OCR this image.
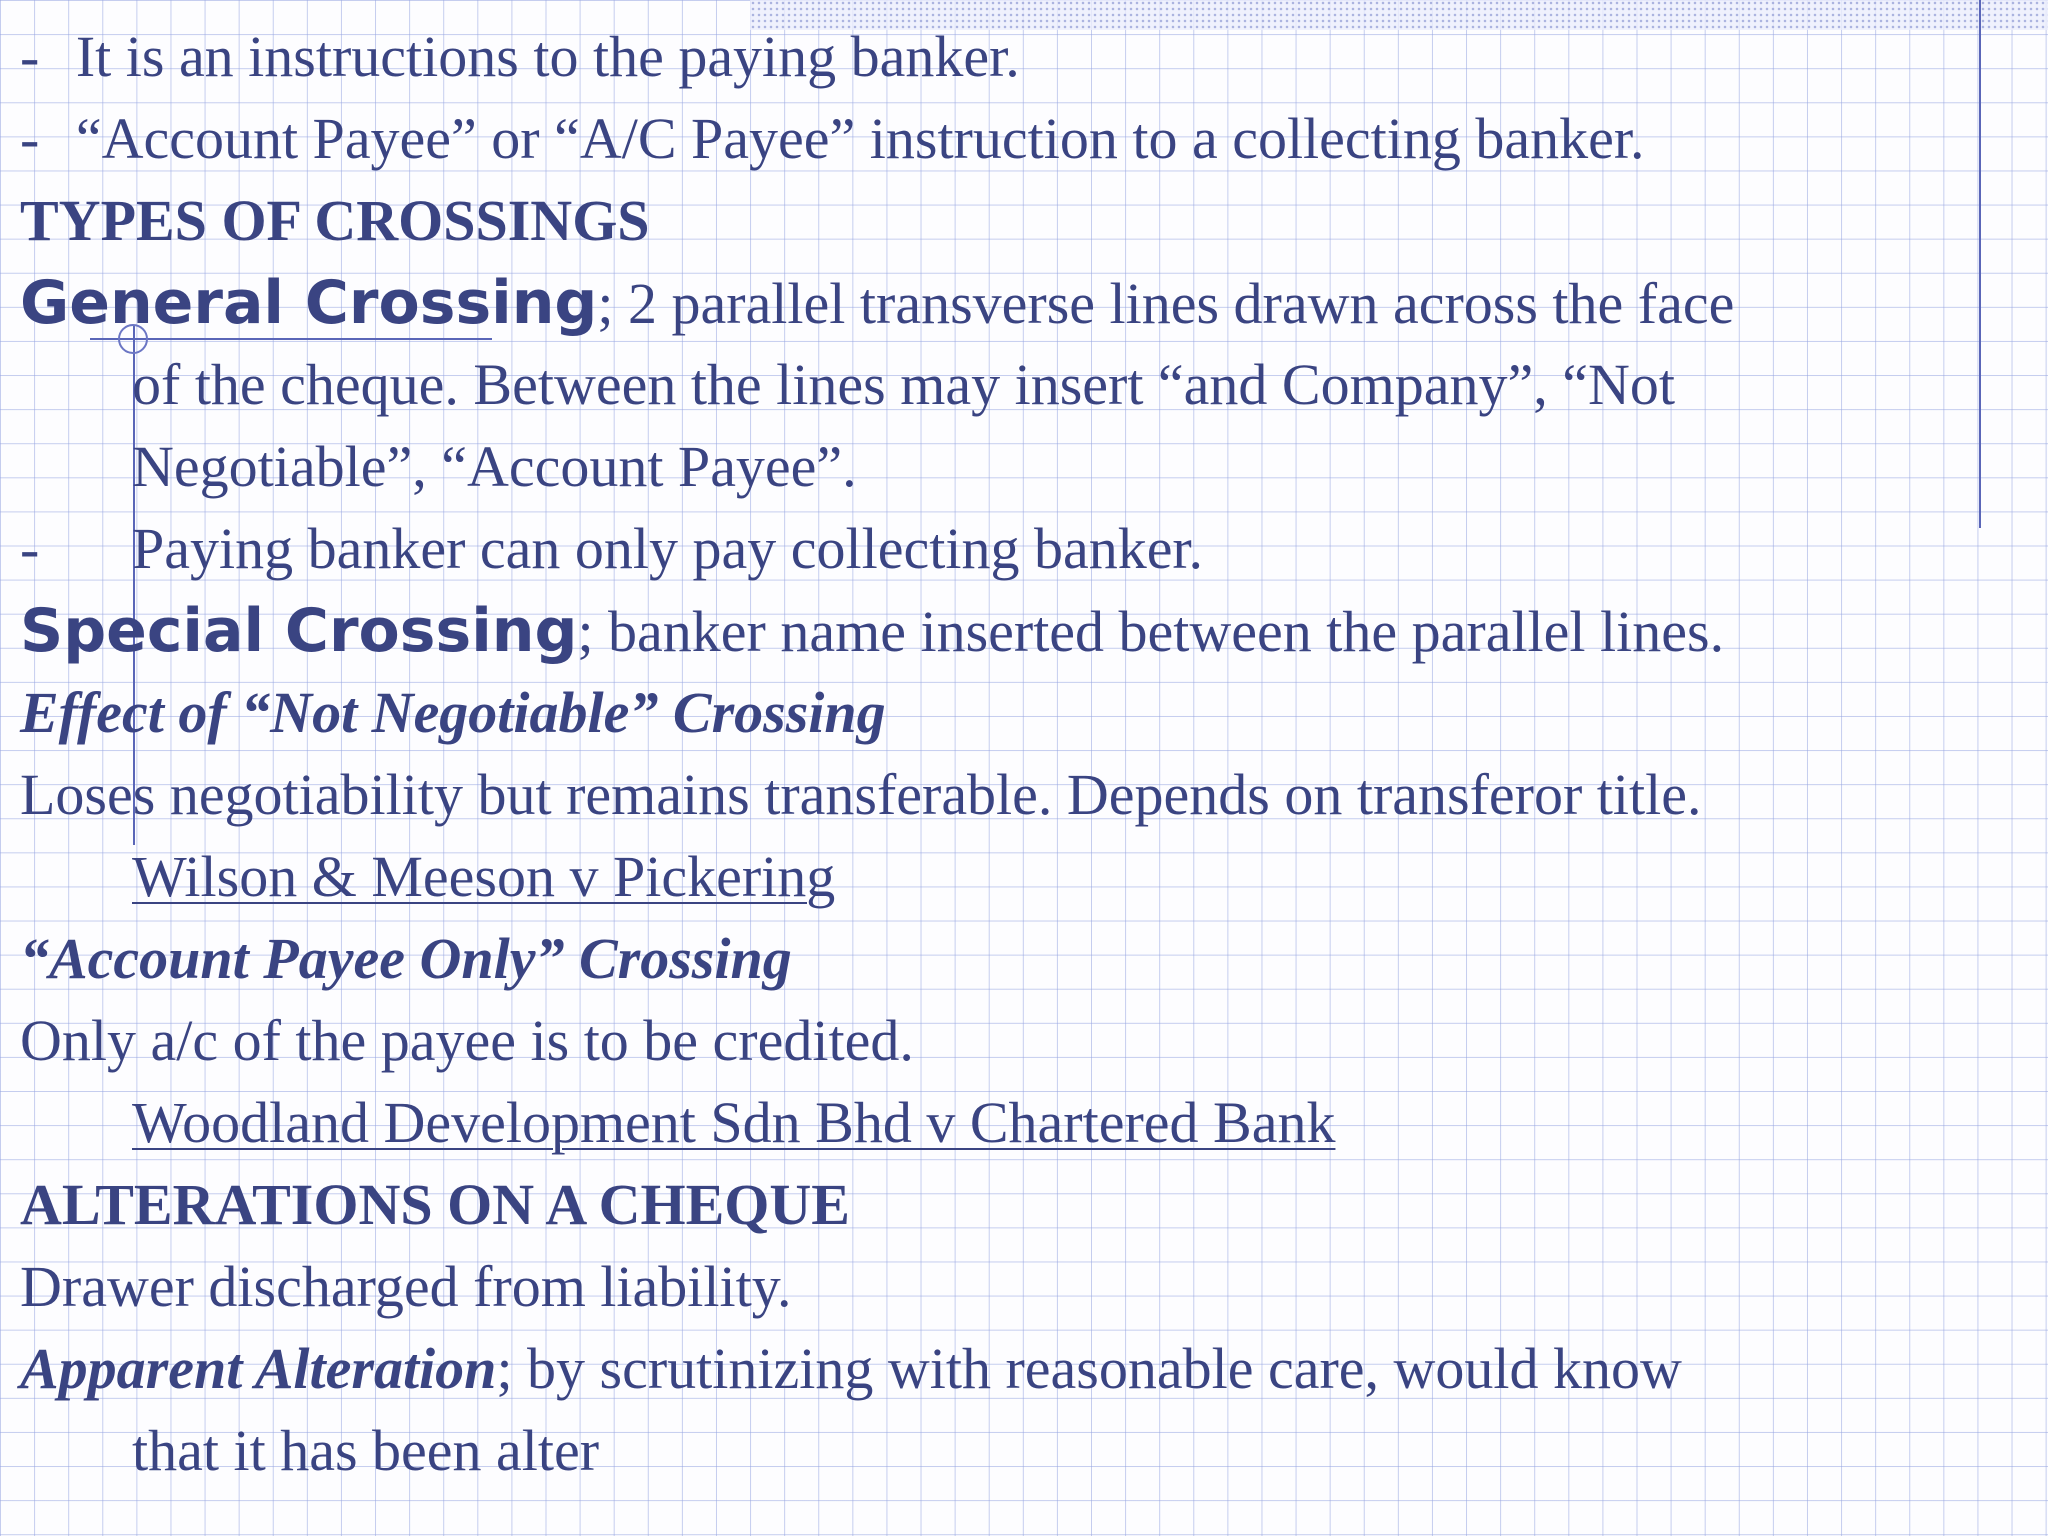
- It is an instructions to the paying banker.
- “Account Payee” or “A/C Payee” instruction to a collecting banker.
TYPES OF CROSSINGS
General Crossing; 2 parallel transverse lines drawn across the face
of the cheque. Between the lines may insert “and Company”, “Not
Negotiable”, “Account Payee”.
- Paying banker can only pay collecting banker.
Special Crossing; banker name inserted between the parallel lines.
Effect of “Not Negotiable” Crossing
Loses negotiability but remains transferable. Depends on transferor title.
Wilson & Meeson v Pickering
“Account Payee Only” Crossing
Only a/c of the payee is to be credited.
Woodland Development Sdn Bhd v Chartered Bank
ALTERATIONS ON A CHEQUE
Drawer discharged from liability.
Apparent Alteration; by scrutinizing with reasonable care, would know
that it has been alter
